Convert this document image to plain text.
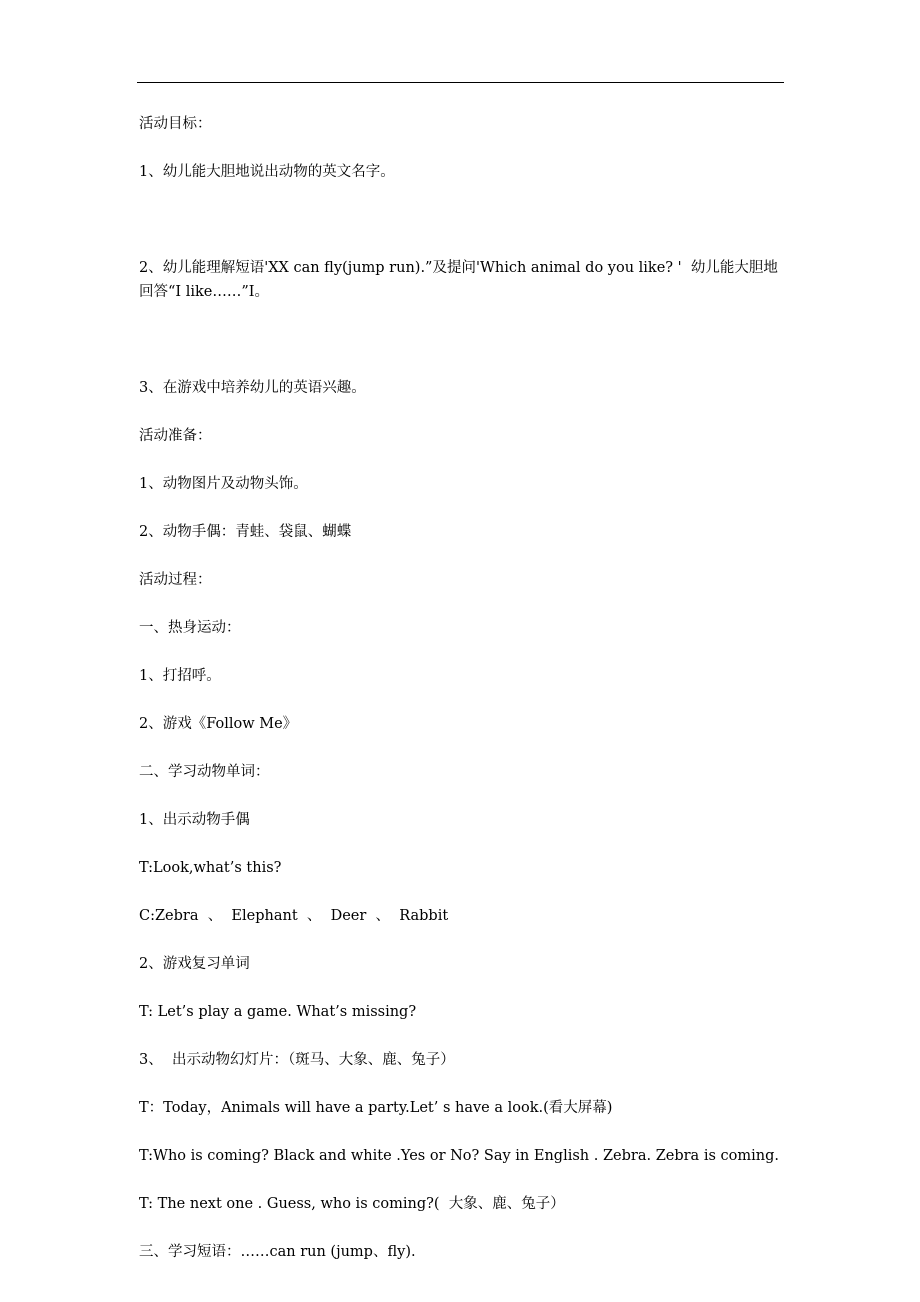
活动目标：

1、幼儿能大胆地说出动物的英文名字。

2、幼儿能理解短语'XX can fly(jump run).”及提问'Which animal do you like? '  幼儿能大胆地
回答“I like……”I。

3、在游戏中培养幼儿的英语兴趣。

活动准备：

1、动物图片及动物头饰。

2、动物手偶：青蛙、袋鼠、蝴蝶

活动过程：

一、热身运动：

1、打招呼。

2、游戏《Follow Me》

二、学习动物单词：

1、出示动物手偶

T:Look,what’s this?

C:Zebra  、  Elephant  、  Deer  、  Rabbit

2、游戏复习单词

T: Let’s play a game. What’s missing?

3、  出示动物幻灯片：（斑马、大象、鹿、兔子）

T：Today，Animals will have a party.Let’ s have a look.(看大屏幕)

T:Who is coming? Black and white .Yes or No? Say in English . Zebra. Zebra is coming.

T: The next one . Guess, who is coming?(  大象、鹿、兔子）

三、学习短语：……can run (jump、fly).
